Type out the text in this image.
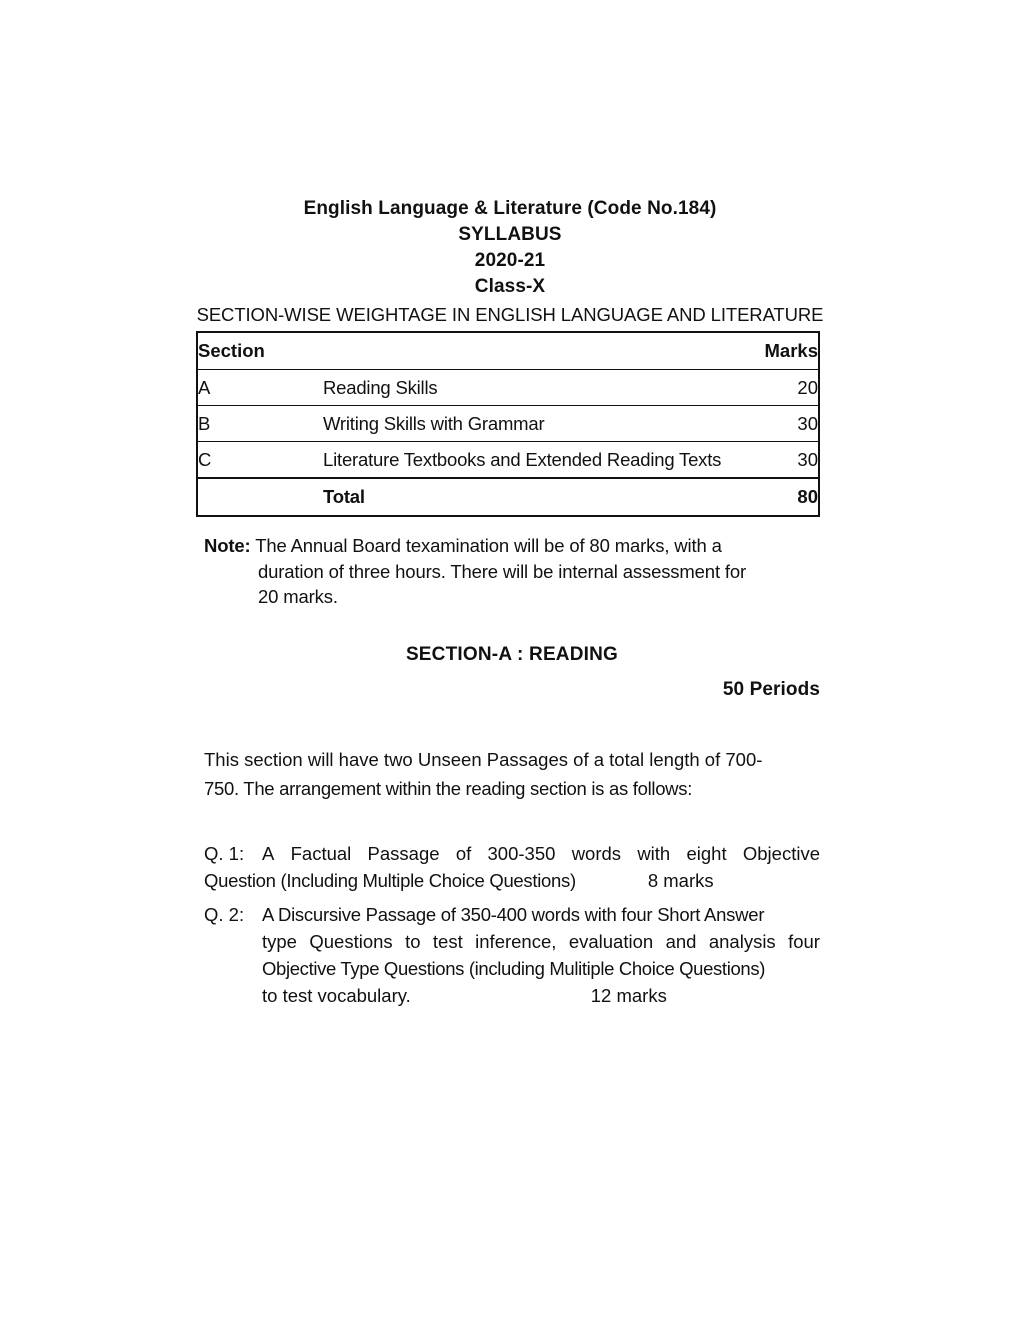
English Language & Literature (Code No.184)
SYLLABUS
2020-21
Class-X
SECTION-WISE WEIGHTAGE IN ENGLISH LANGUAGE AND LITERATURE
Section		Marks
A	Reading Skills	20
B	Writing Skills with Grammar	30
C	Literature Textbooks and Extended Reading Texts	30
	Total	80
Note: The Annual Board texamination will be of 80 marks, with a
duration of three hours. There will be internal assessment for
20 marks.
SECTION-A : READING
50 Periods
This section will have two Unseen Passages of a total length of 700-
750. The arrangement within the reading section is as follows:
Q. 1: A Factual Passage of 300-350 words with eight Objective
Question (Including Multiple Choice Questions)	8 marks
Q. 2: A Discursive Passage of 350-400 words with four Short Answer
type Questions to test inference, evaluation and analysis four
Objective Type Questions (including Mulitiple Choice Questions)
to test vocabulary.	12 marks
